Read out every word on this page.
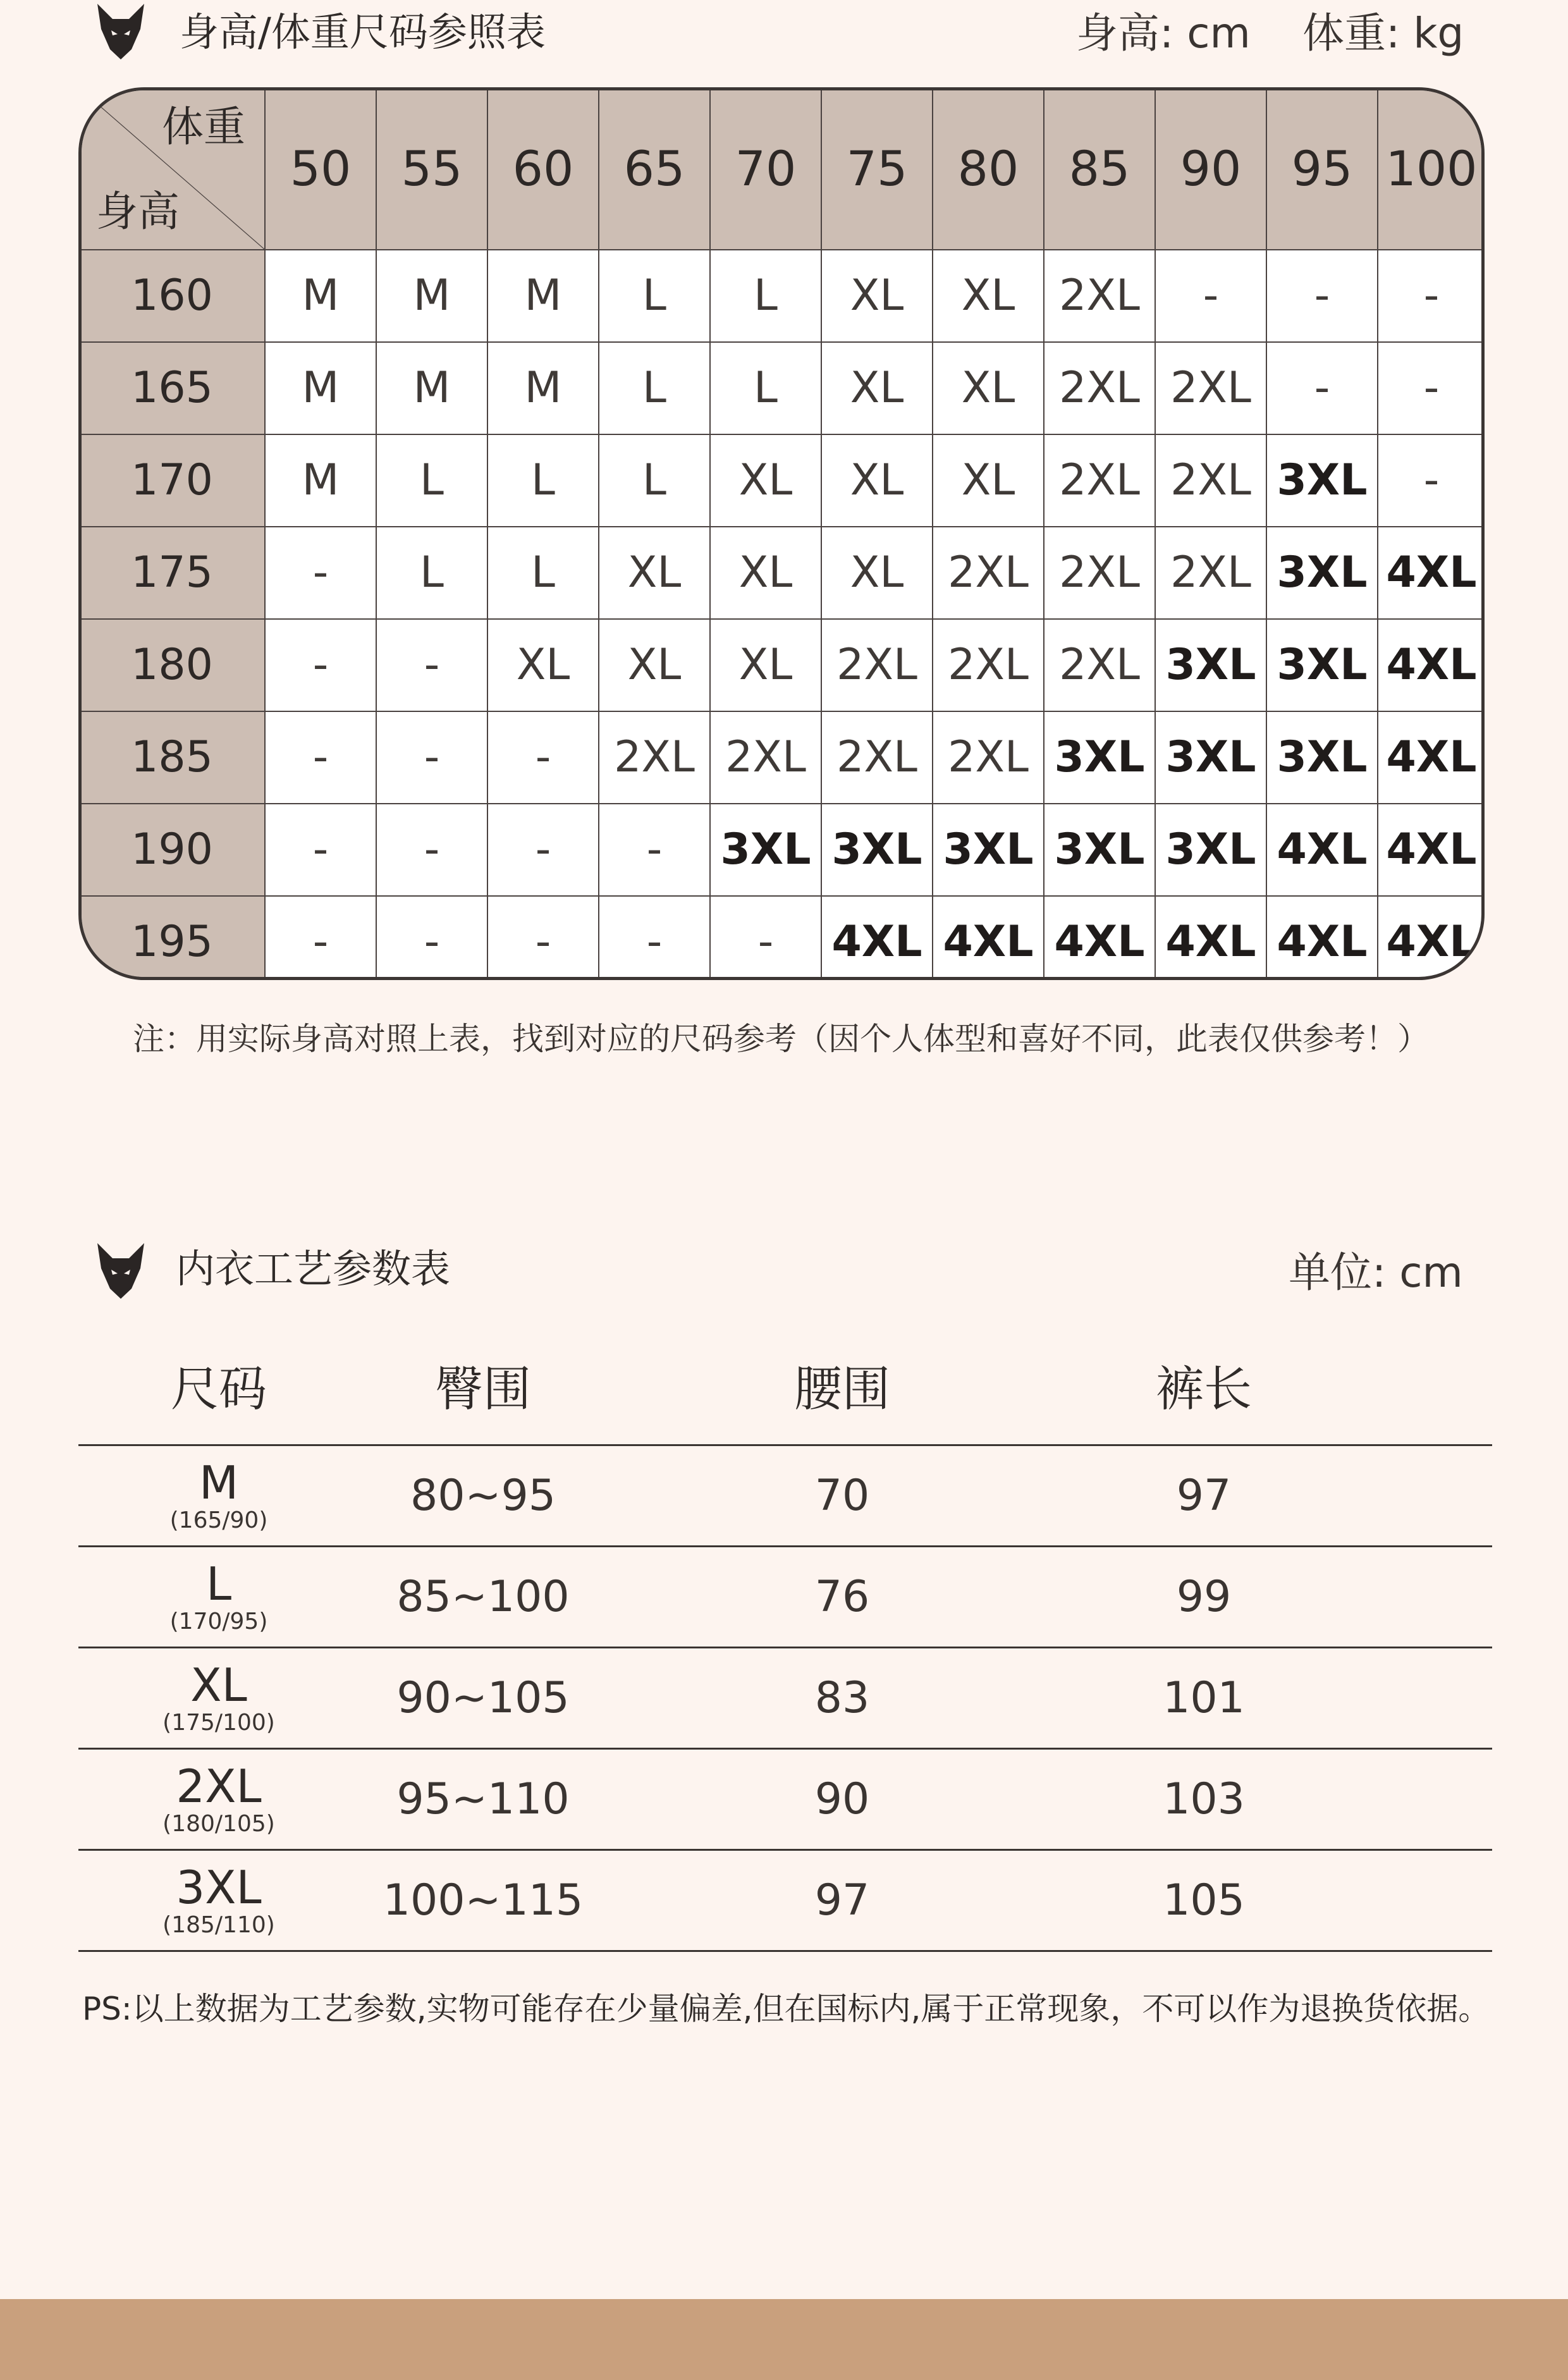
身高/体重尺码参照表	身高: cm 体重: kg
体重
身高	50	55	60	65	70	75	80	85	90	95	100
160	M	M	M	L	L	XL	XL	2XL	-	-	-
165	M	M	M	L	L	XL	XL	2XL	2XL	-	-
170	M	L	L	L	XL	XL	XL	2XL	2XL	3XL	-
175	-	L	L	XL	XL	XL	2XL	2XL	2XL	3XL	4XL
180	-	-	XL	XL	XL	2XL	2XL	2XL	3XL	3XL	4XL
185	-	-	-	2XL	2XL	2XL	2XL	3XL	3XL	3XL	4XL
190	-	-	-	-	3XL	3XL	3XL	3XL	3XL	4XL	4XL
195	-	-	-	-	-	4XL	4XL	4XL	4XL	4XL	4XL
注：用实际身高对照上表，找到对应的尺码参考（因个人体型和喜好不同，此表仅供参考！）
内衣工艺参数表	单位: cm
尺码	臀围	腰围	裤长
M
(165/90)	80~95	70	97
L
(170/95)	85~100	76	99
XL
(175/100)	90~105	83	101
2XL
(180/105)	95~110	90	103
3XL
(185/110)	100~115	97	105
PS:以上数据为工艺参数,实物可能存在少量偏差,但在国标内,属于正常现象，不可以作为退换货依据。
